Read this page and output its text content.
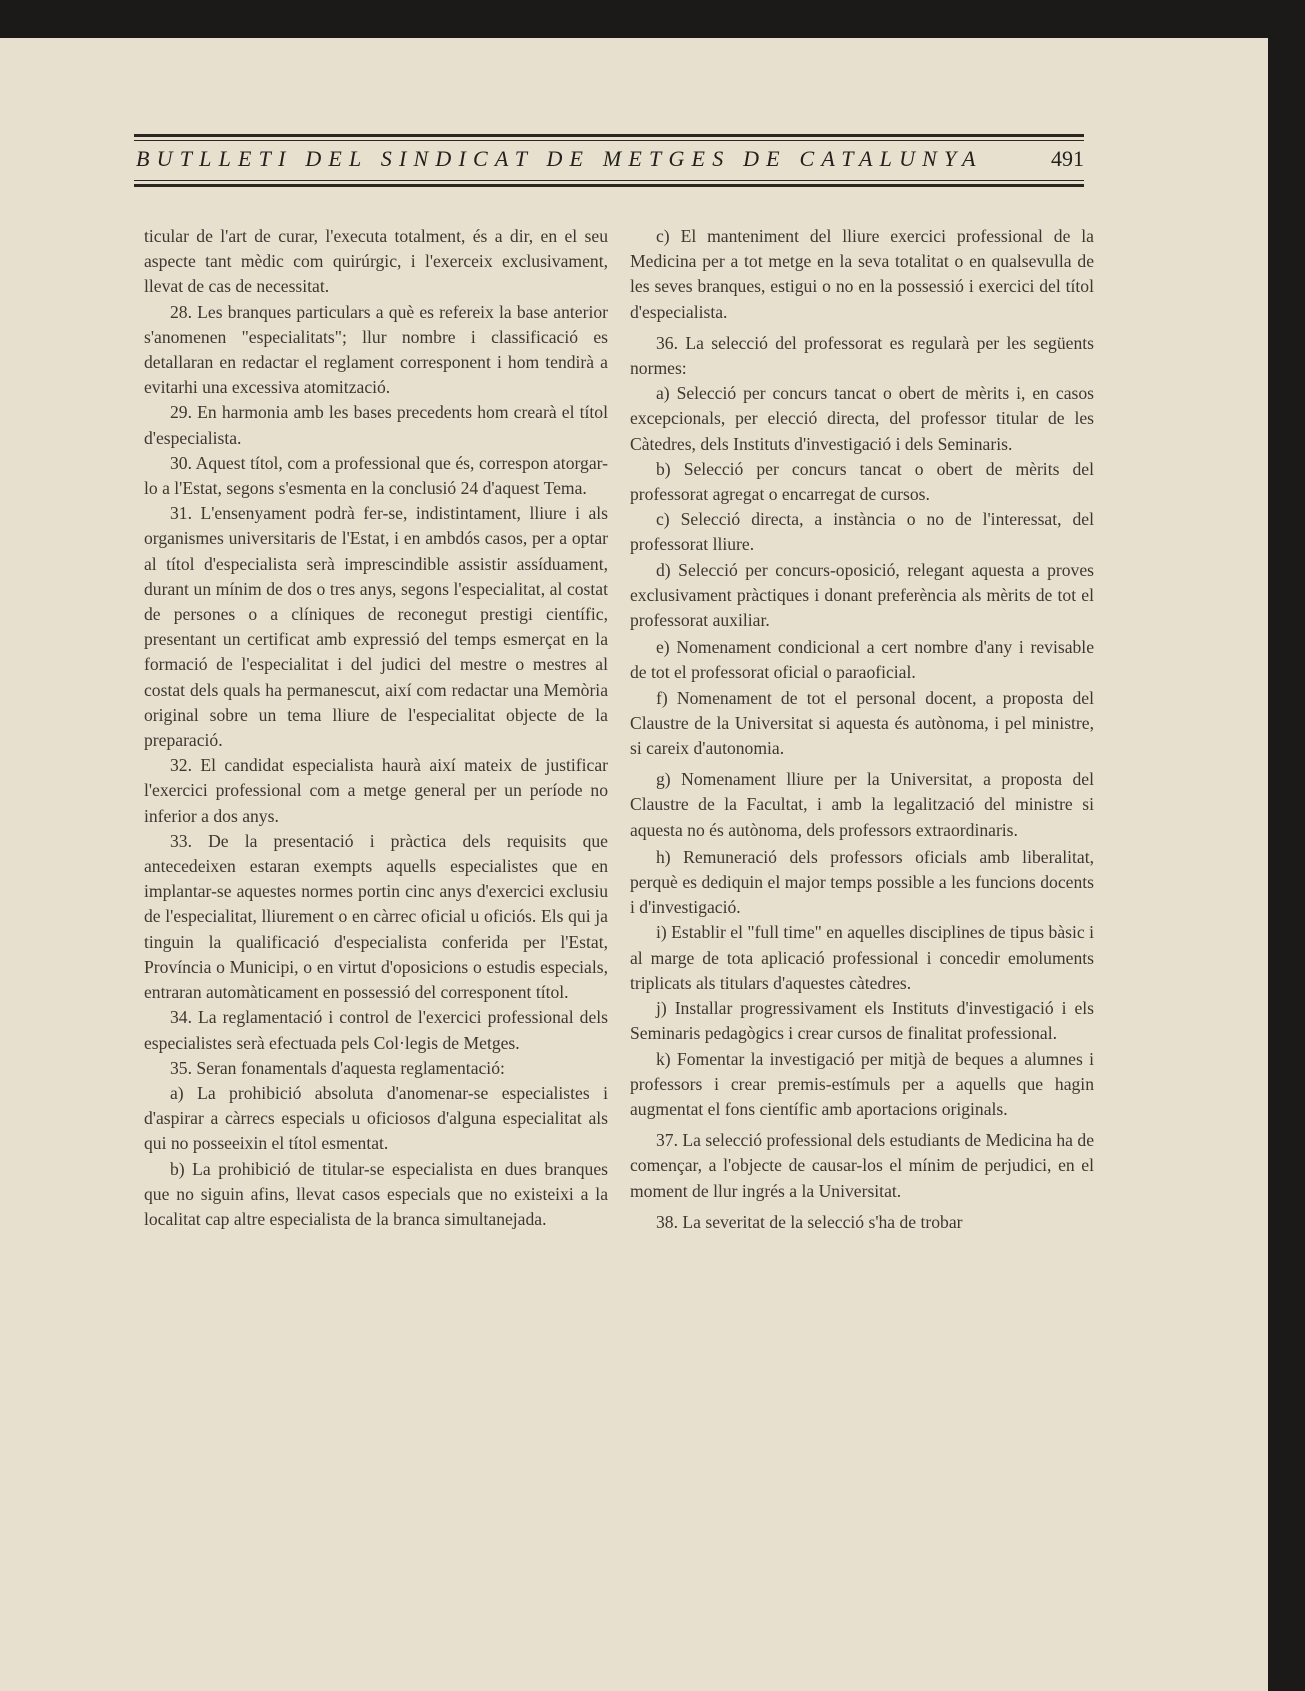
BUTLLETI DEL SINDICAT DE METGES DE CATALUNYA	491

ticular de l'art de curar, l'executa totalment, és a dir, en el seu aspecte tant mèdic com quirúrgic, i l'exerceix exclusivament, llevat de cas de necessitat.

28. Les branques particulars a què es refereix la base anterior s'anomenen "especialitats"; llur nombre i classificació es detallaran en redactar el reglament corresponent i hom tendirà a evitarhi una excessiva atomització.

29. En harmonia amb les bases precedents hom crearà el títol d'especialista.

30. Aquest títol, com a professional que és, correspon atorgar-lo a l'Estat, segons s'esmenta en la conclusió 24 d'aquest Tema.

31. L'ensenyament podrà fer-se, indistintament, lliure i als organismes universitaris de l'Estat, i en ambdós casos, per a optar al títol d'especialista serà imprescindible assistir assíduament, durant un mínim de dos o tres anys, segons l'especialitat, al costat de persones o a clíniques de reconegut prestigi científic, presentant un certificat amb expressió del temps esmerçat en la formació de l'especialitat i del judici del mestre o mestres al costat dels quals ha permanescut, així com redactar una Memòria original sobre un tema lliure de l'especialitat objecte de la preparació.

32. El candidat especialista haurà així mateix de justificar l'exercici professional com a metge general per un període no inferior a dos anys.

33. De la presentació i pràctica dels requisits que antecedeixen estaran exempts aquells especialistes que en implantar-se aquestes normes portin cinc anys d'exercici exclusiu de l'especialitat, lliurement o en càrrec oficial u oficiós. Els qui ja tinguin la qualificació d'especialista conferida per l'Estat, Província o Municipi, o en virtut d'oposicions o estudis especials, entraran automàticament en possessió del corresponent títol.

34. La reglamentació i control de l'exercici professional dels especialistes serà efectuada pels Col·legis de Metges.

35. Seran fonamentals d'aquesta reglamentació:

a) La prohibició absoluta d'anomenar-se especialistes i d'aspirar a càrrecs especials u oficiosos d'alguna especialitat als qui no posseeixin el títol esmentat.

b) La prohibició de titular-se especialista en dues branques que no siguin afins, llevat casos especials que no existeixi a la localitat cap altre especialista de la branca simultanejada.

c) El manteniment del lliure exercici professional de la Medicina per a tot metge en la seva totalitat o en qualsevulla de les seves branques, estigui o no en la possessió i exercici del títol d'especialista.

36. La selecció del professorat es regularà per les següents normes:

a) Selecció per concurs tancat o obert de mèrits i, en casos excepcionals, per elecció directa, del professor titular de les Càtedres, dels Instituts d'investigació i dels Seminaris.

b) Selecció per concurs tancat o obert de mèrits del professorat agregat o encarregat de cursos.

c) Selecció directa, a instància o no de l'interessat, del professorat lliure.

d) Selecció per concurs-oposició, relegant aquesta a proves exclusivament pràctiques i donant preferència als mèrits de tot el professorat auxiliar.

e) Nomenament condicional a cert nombre d'any i revisable de tot el professorat oficial o paraoficial.

f) Nomenament de tot el personal docent, a proposta del Claustre de la Universitat si aquesta és autònoma, i pel ministre, si careix d'autonomia.

g) Nomenament lliure per la Universitat, a proposta del Claustre de la Facultat, i amb la legalització del ministre si aquesta no és autònoma, dels professors extraordinaris.

h) Remuneració dels professors oficials amb liberalitat, perquè es dediquin el major temps possible a les funcions docents i d'investigació.

i) Establir el "full time" en aquelles disciplines de tipus bàsic i al marge de tota aplicació professional i concedir emoluments triplicats als titulars d'aquestes càtedres.

j) Installar progressivament els Instituts d'investigació i els Seminaris pedagògics i crear cursos de finalitat professional.

k) Fomentar la investigació per mitjà de beques a alumnes i professors i crear premis-estímuls per a aquells que hagin augmentat el fons científic amb aportacions originals.

37. La selecció professional dels estudiants de Medicina ha de començar, a l'objecte de causar-los el mínim de perjudici, en el moment de llur ingrés a la Universitat.

38. La severitat de la selecció s'ha de trobar
